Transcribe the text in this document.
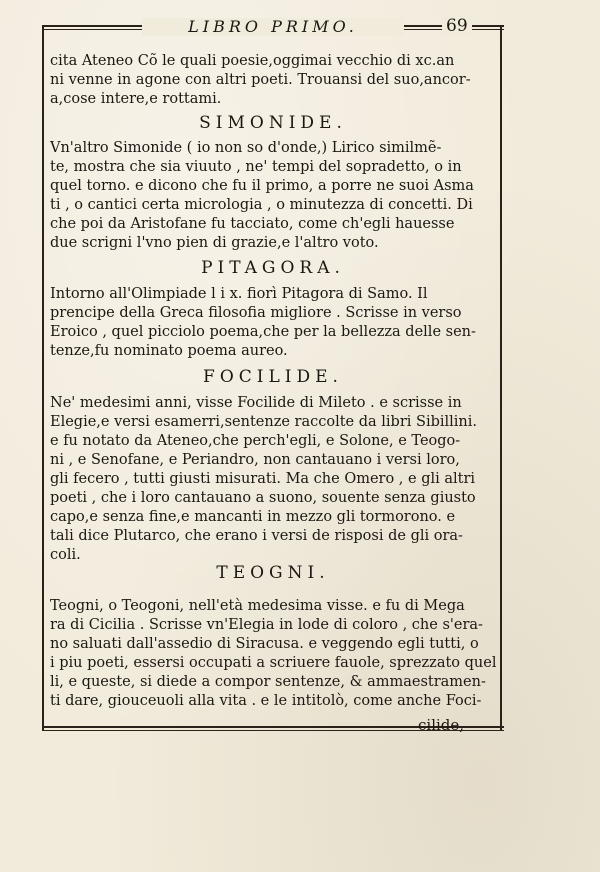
LIBRO PRIMO.	69
cita Ateneo Cõ le quali poesie,oggimai vecchio di xc.an
ni venne in agone con altri poeti. Trouansi del suo,ancor-
a,cose intere,e rottami.
SIMONIDE.
Vn'altro Simonide ( io non so d'onde,) Lirico similmẽ-
te, mostra che sia viuuto , ne' tempi del sopradetto, o in
quel torno. e dicono che fu il primo, a porre ne suoi Asma
ti , o cantici certa micrologia , o minutezza di concetti. Di
che poi da Aristofane fu tacciato, come ch'egli hauesse
due scrigni l'vno pien di grazie,e l'altro voto.
PITAGORA.
Intorno all'Olimpiade l i x. fiorì Pitagora di Samo. Il
prencipe della Greca filosofia migliore . Scrisse in verso
Eroico , quel picciolo poema,che per la bellezza delle sen-
tenze,fu nominato poema aureo.
FOCILIDE.
Ne' medesimi anni, visse Focilide di Mileto . e scrisse in
Elegie,e versi esamerri,sentenze raccolte da libri Sibillini.
e fu notato da Ateneo,che perch'egli, e Solone, e Teogo-
ni , e Senofane, e Periandro, non cantauano i versi loro,
gli fecero , tutti giusti misurati. Ma che Omero , e gli altri
poeti , che i loro cantauano a suono, souente senza giusto
capo,e senza fine,e mancanti in mezzo gli tormorono. e
tali dice Plutarco, che erano i versi de risposi de gli ora-
coli.
TEOGNI.
Teogni, o Teogoni, nell'età medesima visse. e fu di Mega
ra di Cicilia . Scrisse vn'Elegia in lode di coloro , che s'era-
no saluati dall'assedio di Siracusa. e veggendo egli tutti, o
i piu poeti, essersi occupati a scriuere fauole, sprezzato quel
li, e queste, si diede a compor sentenze, & ammaestramen-
ti dare, giouceuoli alla vita . e le intitolò, come anche Foci-
cilide,
